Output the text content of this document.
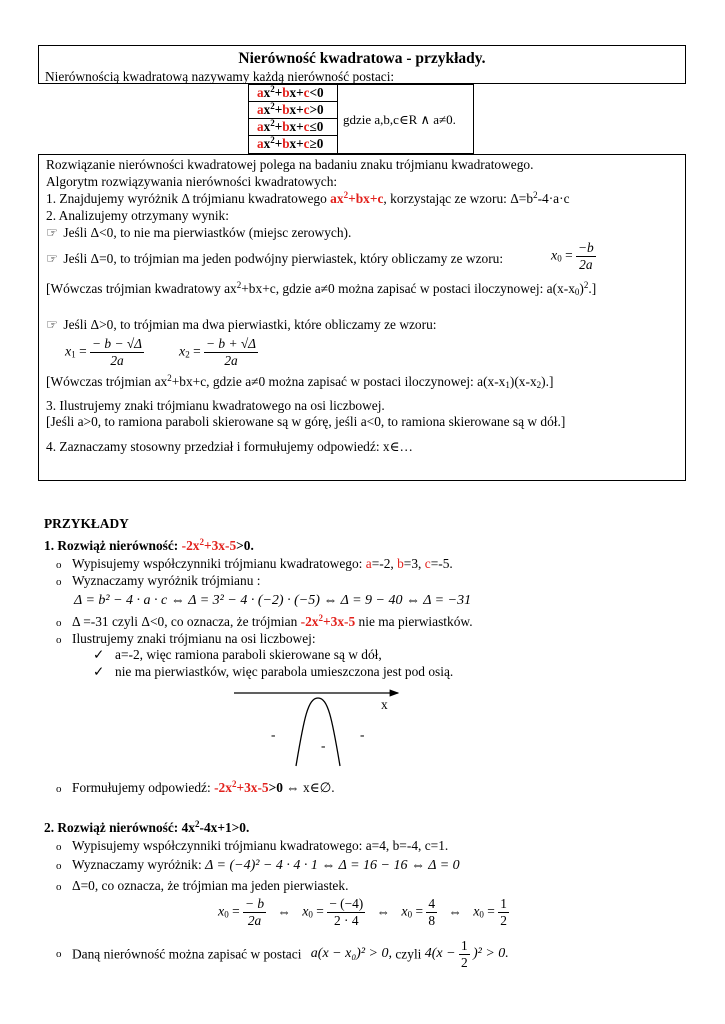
Nierówność kwadratowa - przykłady.
Nierównością kwadratową nazywamy każdą nierówność postaci:
$ax^2+bx+c<0$
$ax^2+bx+c>0$
$ax^2+bx+c\le 0$
$ax^2+bx+c\ge 0$
gdzie a,b,c∈R ∧ a≠0.
Rozwiązanie nierówności kwadratowej polega na badaniu znaku trójmianu kwadratowego.
Algorytm rozwiązywania nierówności kwadratowych:
1. Znajdujemy wyróżnik Δ trójmianu kwadratowego $ax^2+bx+c$, korzystając ze wzoru: $\Delta=b^2-4\cdot a\cdot c$
2. Analizujemy otrzymany wynik:
☞ Jeśli Δ<0, to nie ma pierwiastków (miejsc zerowych).
☞ Jeśli Δ=0, to trójmian ma jeden podwójny pierwiastek, który obliczamy ze wzoru:	$x_0 = \frac{-b}{2a}$
[Wówczas trójmian kwadratowy $ax^2+bx+c$, gdzie a≠0 można zapisać w postaci iloczynowej: $a(x-x_0)^2$.]
☞ Jeśli Δ>0, to trójmian ma dwa pierwiastki, które obliczamy ze wzoru:
$x_1 = \frac{- b - √\Delta}{2a} x_2 = \frac{- b + √\Delta}{2a}$
[Wówczas trójmian $ax^2+bx+c$, gdzie a≠0 można zapisać w postaci iloczynowej: $a(x-x_1)(x-x_2)$.]
3. Ilustrujemy znaki trójmianu kwadratowego na osi liczbowej.
[Jeśli a>0, to ramiona paraboli skierowane są w górę, jeśli a<0, to ramiona skierowane są w dół.]
4. Zaznaczamy stosowny przedział i formułujemy odpowiedź: x∈…
PRZYKŁADY
1. Rozwiąż nierówność: $-2x^2+3x-5>0$.
o Wypisujemy współczynniki trójmianu kwadratowego: a=-2, b=3, c=-5.
o Wyznaczamy wyróżnik trójmianu :
Δ = b² − 4 · a · c ⇔ Δ = 3² − 4 · (−2) · (−5) ⇔ Δ = 9 − 40 ⇔ Δ = −31
o Δ =-31 czyli Δ<0, co oznacza, że trójmian $-2x^2+3x-5$ nie ma pierwiastków.
o Ilustrujemy znaki trójmianu na osi liczbowej:
✓ a=-2, więc ramiona paraboli skierowane są w dół,
✓ nie ma pierwiastków, więc parabola umieszczona jest pod osią.
x
-
-
-
o Formułujemy odpowiedź: $-2x^2+3x-5>0$ ⇔ x∈∅.
2. Rozwiąż nierówność: $4x^2-4x+1>0$.
o Wypisujemy współczynniki trójmianu kwadratowego: a=4, b=-4, c=1.
o Wyznaczamy wyróżnik: Δ = (−4)² − 4 · 4 · 1 ⇔ Δ = 16 − 16 ⇔ Δ = 0
o Δ=0, co oznacza, że trójmian ma jeden pierwiastek.
$x_0 = \frac{- b}{2a}$ ⇔ $x_0 = \frac{- (-4)}{2 \cdot 4}$ ⇔ $x_0 = \frac{4}{8}$ ⇔ $x_0 = \frac{1}{2}$
o Daną nierówność można zapisać w postaci a(x − x₀)² > 0, czyli $4(x - \frac{1}{2} )^2 > 0$.
